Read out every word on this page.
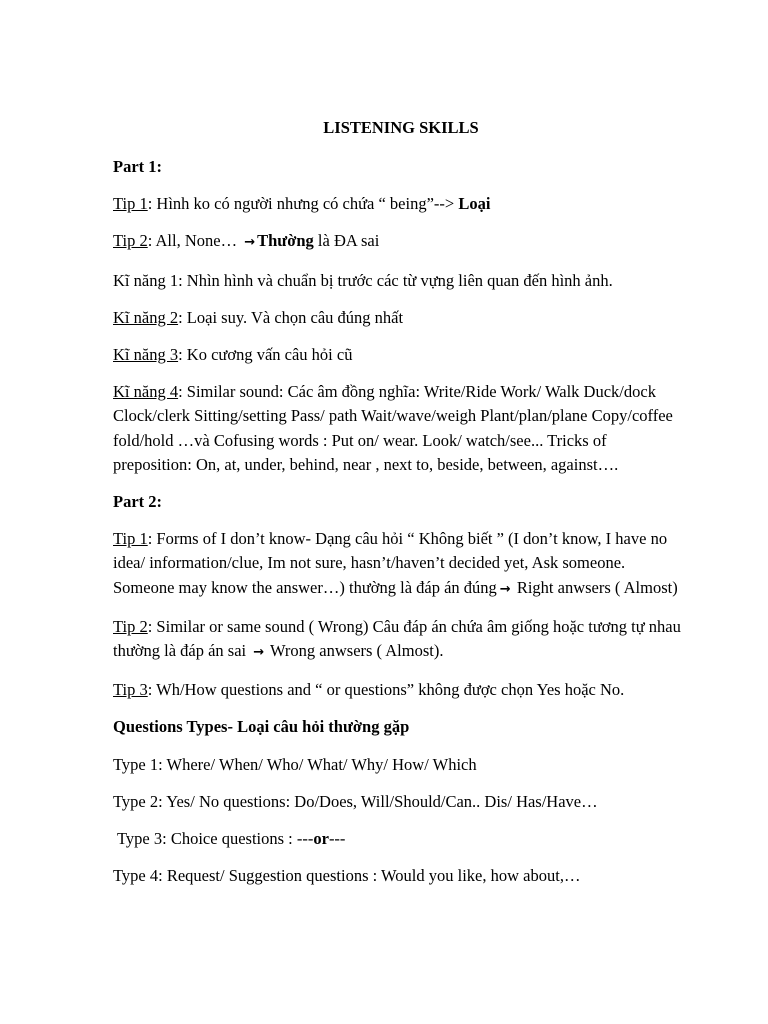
LISTENING SKILLS

Part 1:

Tip 1: Hình ko có người nhưng có chứa “ being”--> Loại

Tip 2: All, None… → Thường là ĐA sai

Kĩ năng 1: Nhìn hình và chuẩn bị trước các từ vựng liên quan đến hình ảnh.

Kĩ năng 2: Loại suy. Và chọn câu đúng nhất

Kĩ năng 3: Ko cương vấn câu hỏi cũ

Kĩ năng 4: Similar sound: Các âm đồng nghĩa: Write/Ride Work/ Walk Duck/dock Clock/clerk Sitting/setting Pass/ path Wait/wave/weigh Plant/plan/plane Copy/coffee fold/hold …và Cofusing words : Put on/ wear. Look/ watch/see... Tricks of preposition: On, at, under, behind, near , next to, beside, between, against….

Part 2:

Tip 1: Forms of I don’t know- Dạng câu hỏi “ Không biết ” (I don’t know, I have no idea/ information/clue, Im not sure, hasn’t/haven’t decided yet, Ask someone. Someone may know the answer…) thường là đáp án đúng → Right anwsers ( Almost)

Tip 2: Similar or same sound ( Wrong) Câu đáp án chứa âm giống hoặc tương tự nhau thường là đáp án sai → Wrong anwsers ( Almost).

Tip 3: Wh/How questions and “ or questions” không được chọn Yes hoặc No.

Questions Types- Loại câu hỏi thường gặp

Type 1: Where/ When/ Who/ What/ Why/ How/ Which

Type 2: Yes/ No questions: Do/Does, Will/Should/Can.. Dis/ Has/Have…

Type 3: Choice questions : ---or---

Type 4: Request/ Suggestion questions : Would you like, how about,…
